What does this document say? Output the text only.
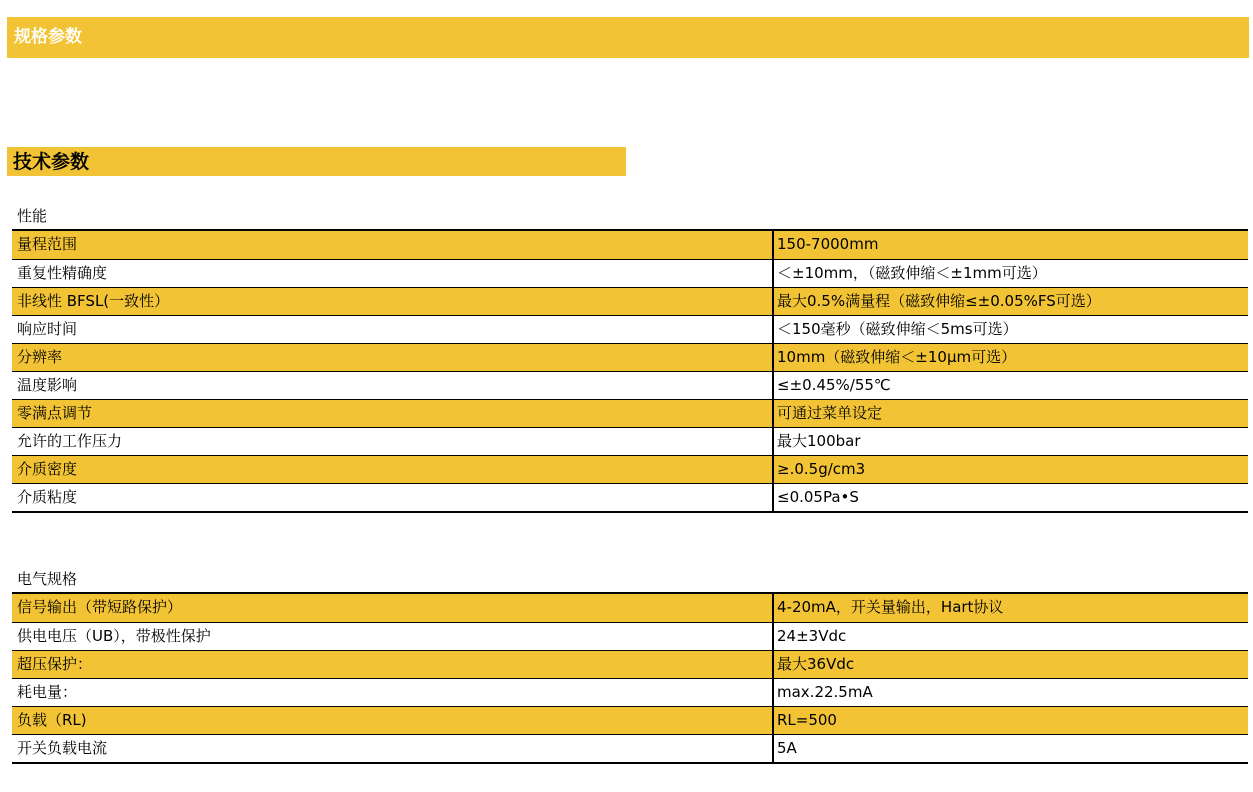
规格参数
技术参数
性能
量程范围	150-7000mm
重复性精确度	＜±10mm，（磁致伸缩＜±1mm可选）
非线性 BFSL(一致性）	最大0.5%满量程（磁致伸缩≤±0.05%FS可选）
响应时间	＜150毫秒（磁致伸缩＜5ms可选）
分辨率	10mm（磁致伸缩＜±10μm可选）
温度影响	≤±0.45%/55℃
零满点调节	可通过菜单设定
允许的工作压力	最大100bar
介质密度	≥.0.5g/cm3
介质粘度	≤0.05Pa•S
电气规格
信号输出（带短路保护）	4-20mA，开关量输出，Hart协议
供电电压（UB），带极性保护	24±3Vdc
超压保护：	最大36Vdc
耗电量：	max.22.5mA
负载（RL)	RL=500
开关负载电流	5A
